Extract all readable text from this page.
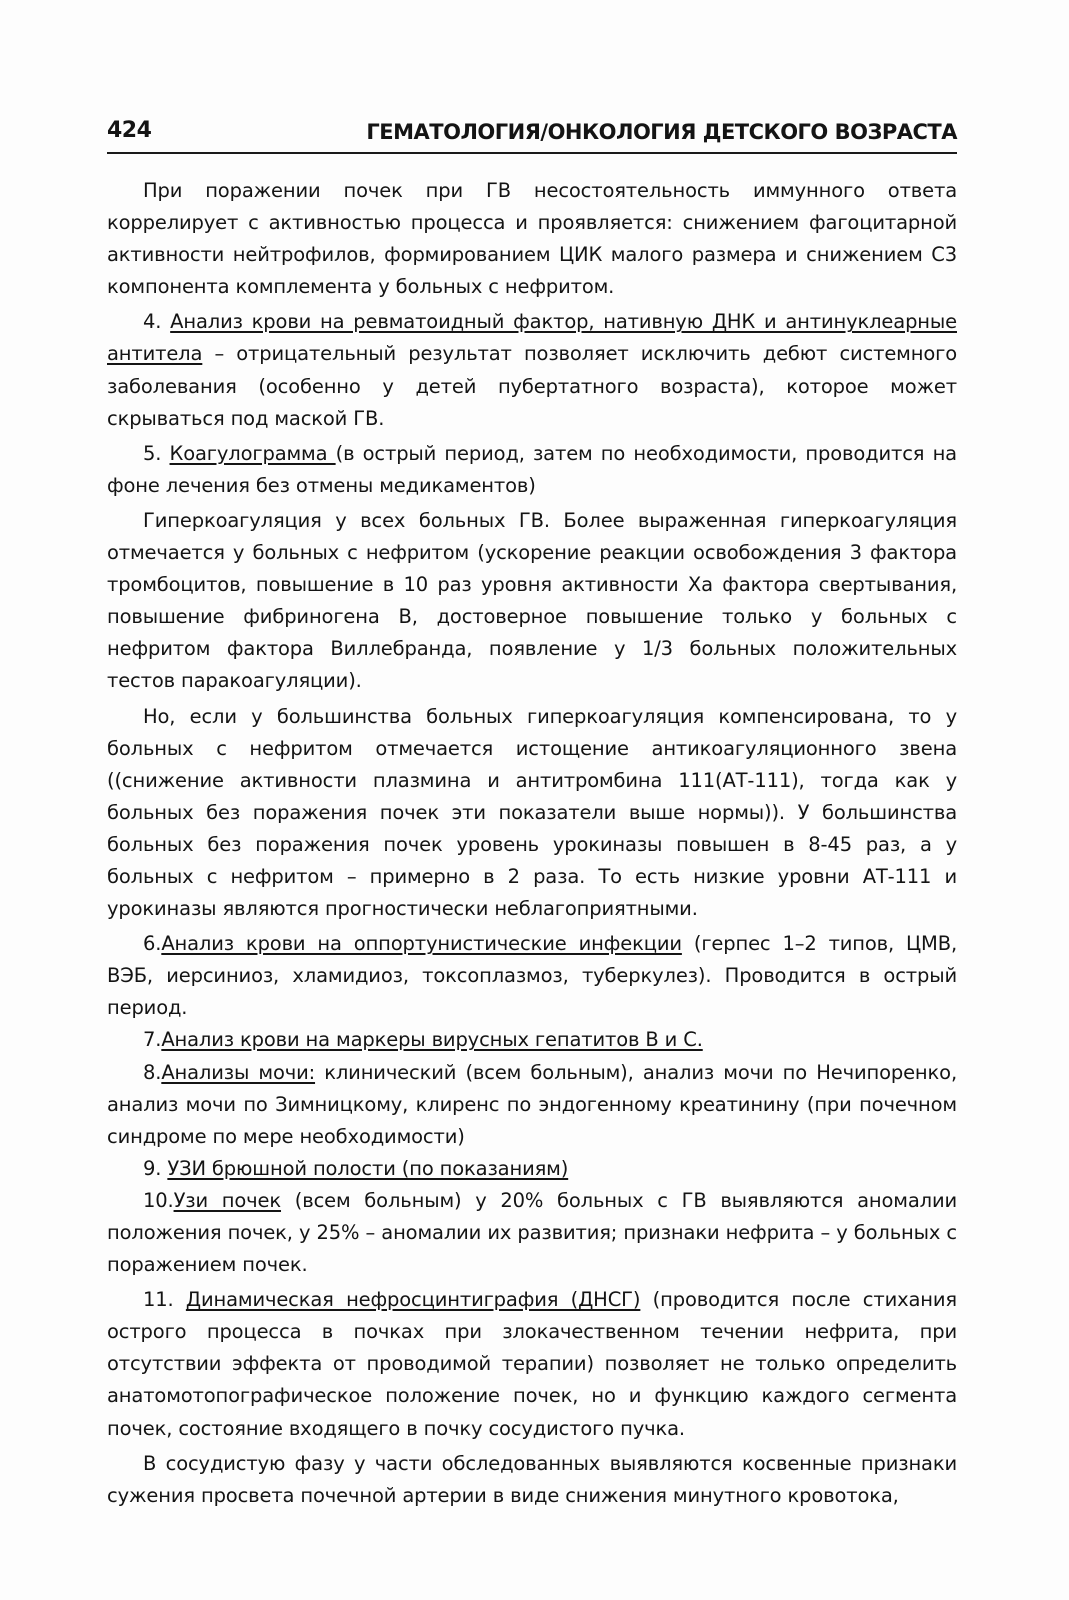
424	ГЕМАТОЛОГИЯ/ОНКОЛОГИЯ ДЕТСКОГО ВОЗРАСТА

При поражении почек при ГВ несостоятельность иммунного ответа коррелирует с активностью процесса и проявляется: снижением фагоцитарной активности нейтрофилов, формированием ЦИК малого размера и снижением С3 компонента комплемента у больных с нефритом.

4. Анализ крови на ревматоидный фактор, нативную ДНК и антинуклеарные антитела – отрицательный результат позволяет исключить дебют системного заболевания (особенно у детей пубертатного возраста), которое может скрываться под маской ГВ.

5. Коагулограмма (в острый период, затем по необходимости, проводится на фоне лечения без отмены медикаментов)

Гиперкоагуляция у всех больных ГВ. Более выраженная гиперкоагуляция отмечается у больных с нефритом (ускорение реакции освобождения 3 фактора тромбоцитов, повышение в 10 раз уровня активности Ха фактора свертывания, повышение фибриногена В, достоверное повышение только у больных с нефритом фактора Виллебранда, появление у 1/3 больных положительных тестов паракоагуляции).

Но, если у большинства больных гиперкоагуляция компенсирована, то у больных с нефритом отмечается истощение антикоагуляционного звена ((снижение активности плазмина и антитромбина 111(АТ-111), тогда как у больных без поражения почек эти показатели выше нормы)). У большинства больных без поражения почек уровень урокиназы повышен в 8-45 раз, а у больных с нефритом – примерно в 2 раза. То есть низкие уровни АТ-111 и урокиназы являются прогностически неблагоприятными.

6.Анализ крови на оппортунистические инфекции (герпес 1–2 типов, ЦМВ, ВЭБ, иерсиниоз, хламидиоз, токсоплазмоз, туберкулез). Проводится в острый период.

7.Анализ крови на маркеры вирусных гепатитов В и С.

8.Анализы мочи: клинический (всем больным), анализ мочи по Нечипоренко, анализ мочи по Зимницкому, клиренс по эндогенному креатинину (при почечном синдроме по мере необходимости)

9. УЗИ брюшной полости (по показаниям)

10.Узи почек (всем больным) у 20% больных с ГВ выявляются аномалии положения почек, у 25% – аномалии их развития; признаки нефрита – у больных с поражением почек.

11. Динамическая нефросцинтиграфия (ДНСГ) (проводится после стихания острого процесса в почках при злокачественном течении нефрита, при отсутствии эффекта от проводимой терапии) позволяет не только определить анатомотопографическое положение почек, но и функцию каждого сегмента почек, состояние входящего в почку сосудистого пучка.

В сосудистую фазу у части обследованных выявляются косвенные признаки сужения просвета почечной артерии в виде снижения минутного кровотока,
